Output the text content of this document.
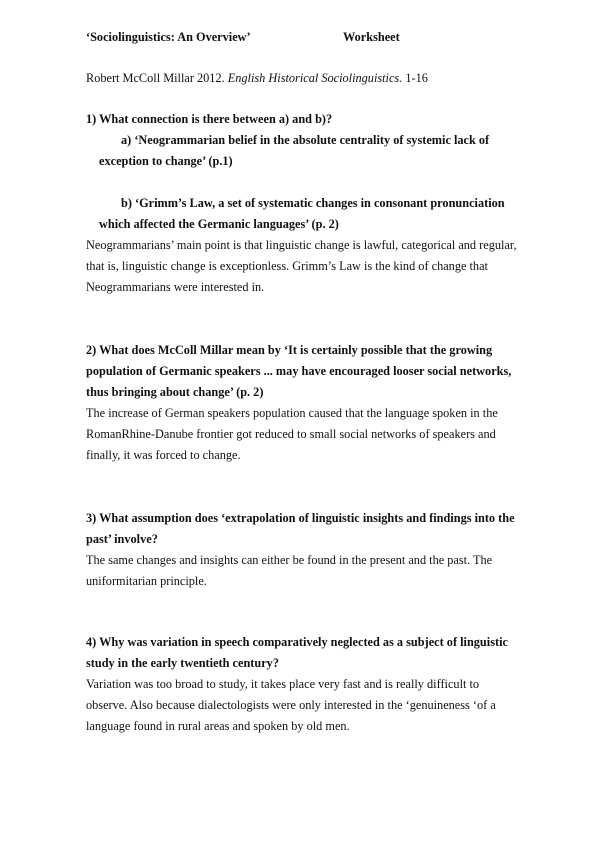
‘Sociolinguistics: An Overview’	Worksheet
Robert McColl Millar 2012. English Historical Sociolinguistics. 1-16
1) What connection is there between a) and b)?
a) ‘Neogrammarian belief in the absolute centrality of systemic lack of
exception to change’ (p.1)
b) ‘Grimm’s Law, a set of systematic changes in consonant pronunciation
which affected the Germanic languages’ (p. 2)
Neogrammarians’ main point is that linguistic change is lawful, categorical and regular,
that is, linguistic change is exceptionless. Grimm’s Law is the kind of change that
Neogrammarians were interested in.
2) What does McColl Millar mean by ‘It is certainly possible that the growing
population of Germanic speakers ... may have encouraged looser social networks,
thus bringing about change’ (p. 2)
The increase of German speakers population caused that the language spoken in the
RomanRhine-Danube frontier got reduced to small social networks of speakers and
finally, it was forced to change.
3) What assumption does ‘extrapolation of linguistic insights and findings into the
past’ involve?
The same changes and insights can either be found in the present and the past. The
uniformitarian principle.
4) Why was variation in speech comparatively neglected as a subject of linguistic
study in the early twentieth century?
Variation was too broad to study, it takes place very fast and is really difficult to
observe. Also because dialectologists were only interested in the ‘genuineness ‘of a
language found in rural areas and spoken by old men.
